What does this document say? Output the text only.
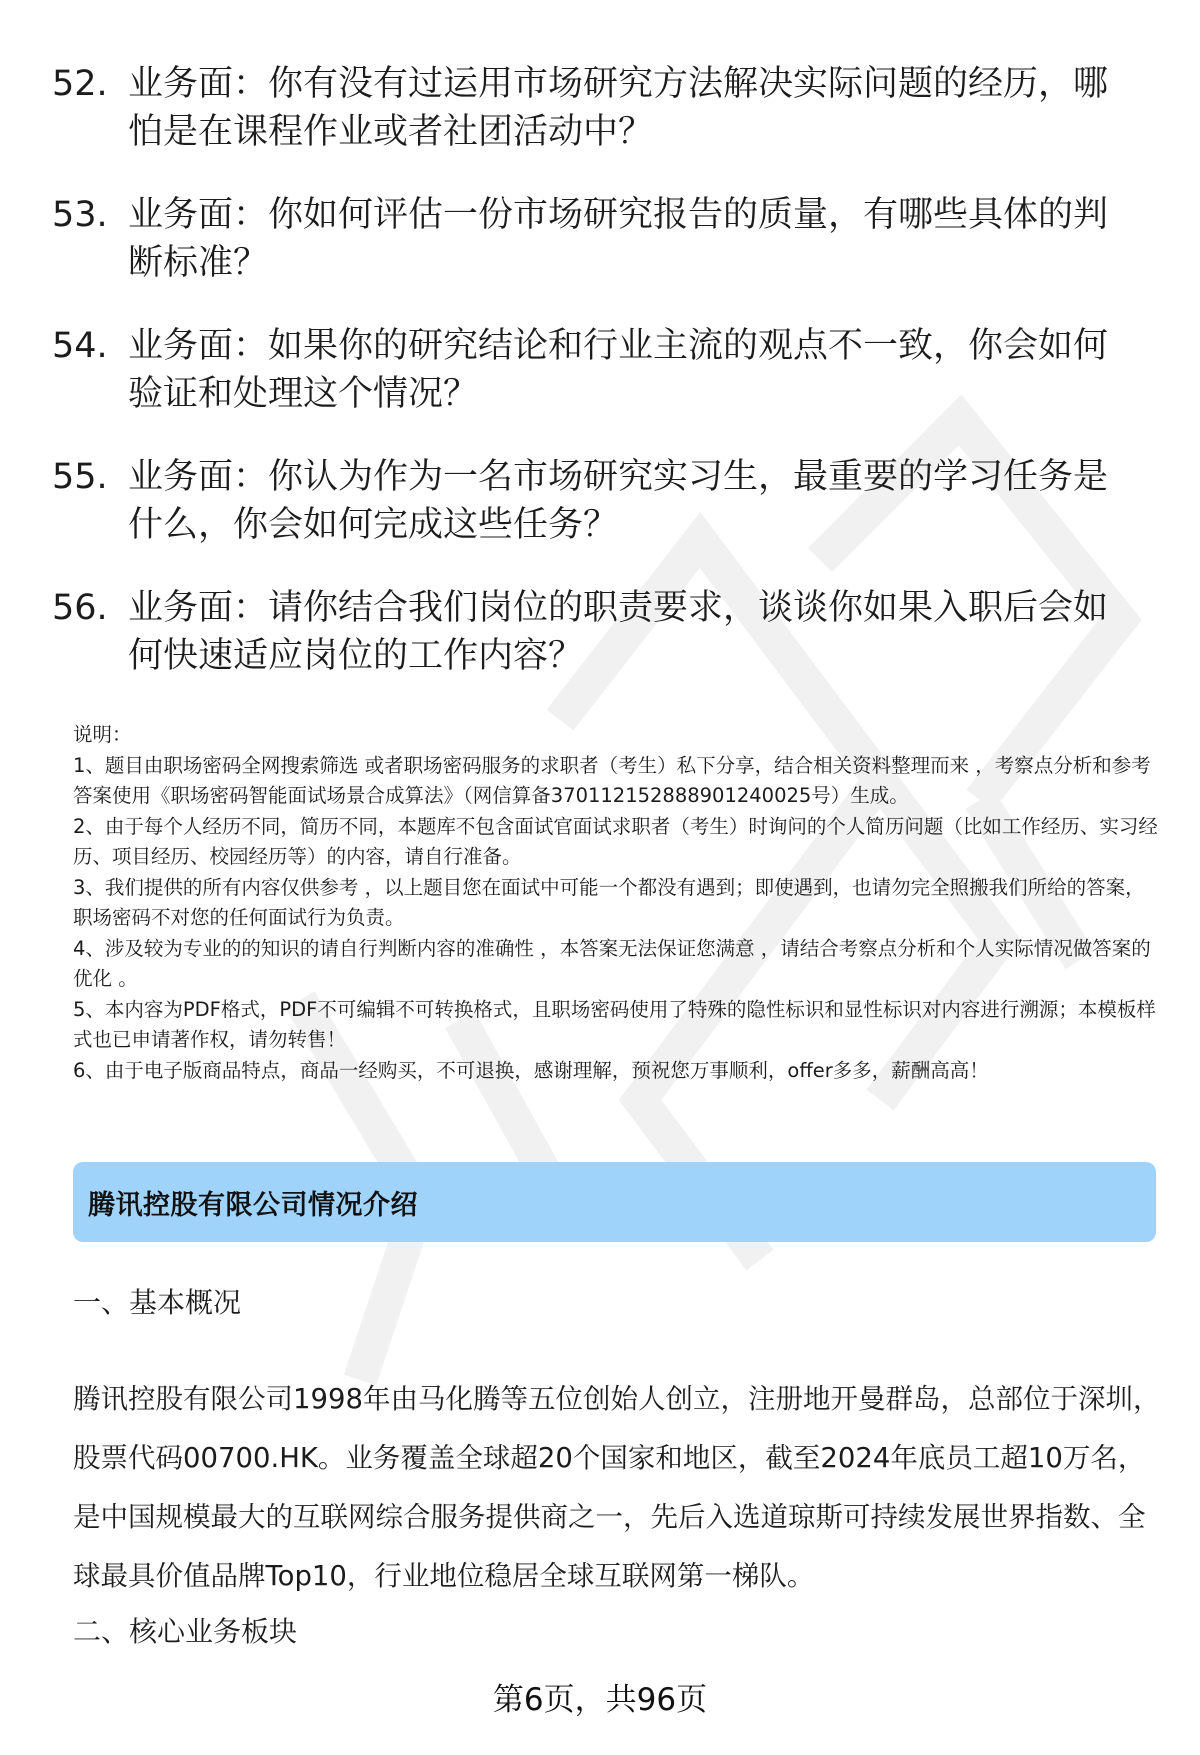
52. 业务面：你有没有过运用市场研究方法解决实际问题的经历，哪怕是在课程作业或者社团活动中？
53. 业务面：你如何评估一份市场研究报告的质量，有哪些具体的判断标准？
54. 业务面：如果你的研究结论和行业主流的观点不一致，你会如何验证和处理这个情况？
55. 业务面：你认为作为一名市场研究实习生，最重要的学习任务是什么，你会如何完成这些任务？
56. 业务面：请你结合我们岗位的职责要求，谈谈你如果入职后会如何快速适应岗位的工作内容？

说明：

1、题目由职场密码全网搜索筛选 或者职场密码服务的求职者（考生）私下分享，结合相关资料整理而来 ，考察点分析和参考答案使用《职场密码智能面试场景合成算法》（网信算备370112152888901240025号）生成。

2、由于每个人经历不同，简历不同，本题库不包含面试官面试求职者（考生）时询问的个人简历问题（比如工作经历、实习经历、项目经历、校园经历等）的内容，请自行准备。

3、我们提供的所有内容仅供参考 ，以上题目您在面试中可能一个都没有遇到；即使遇到，也请勿完全照搬我们所给的答案，职场密码不对您的任何面试行为负责。

4、涉及较为专业的的知识的请自行判断内容的准确性 ，本答案无法保证您满意 ，请结合考察点分析和个人实际情况做答案的优化 。

5、本内容为PDF格式，PDF不可编辑不可转换格式，且职场密码使用了特殊的隐性标识和显性标识对内容进行溯源；本模板样式也已申请著作权，请勿转售！

6、由于电子版商品特点，商品一经购买，不可退换，感谢理解，预祝您万事顺利，offer多多，薪酬高高！

腾讯控股有限公司情况介绍
一、基本概况
腾讯控股有限公司1998年由马化腾等五位创始人创立，注册地开曼群岛，总部位于深圳，股票代码00700.HK。业务覆盖全球超20个国家和地区，截至2024年底员工超10万名，是中国规模最大的互联网综合服务提供商之一，先后入选道琼斯可持续发展世界指数、全球最具价值品牌Top10，行业地位稳居全球互联网第一梯队。
二、核心业务板块
第6页，共96页
